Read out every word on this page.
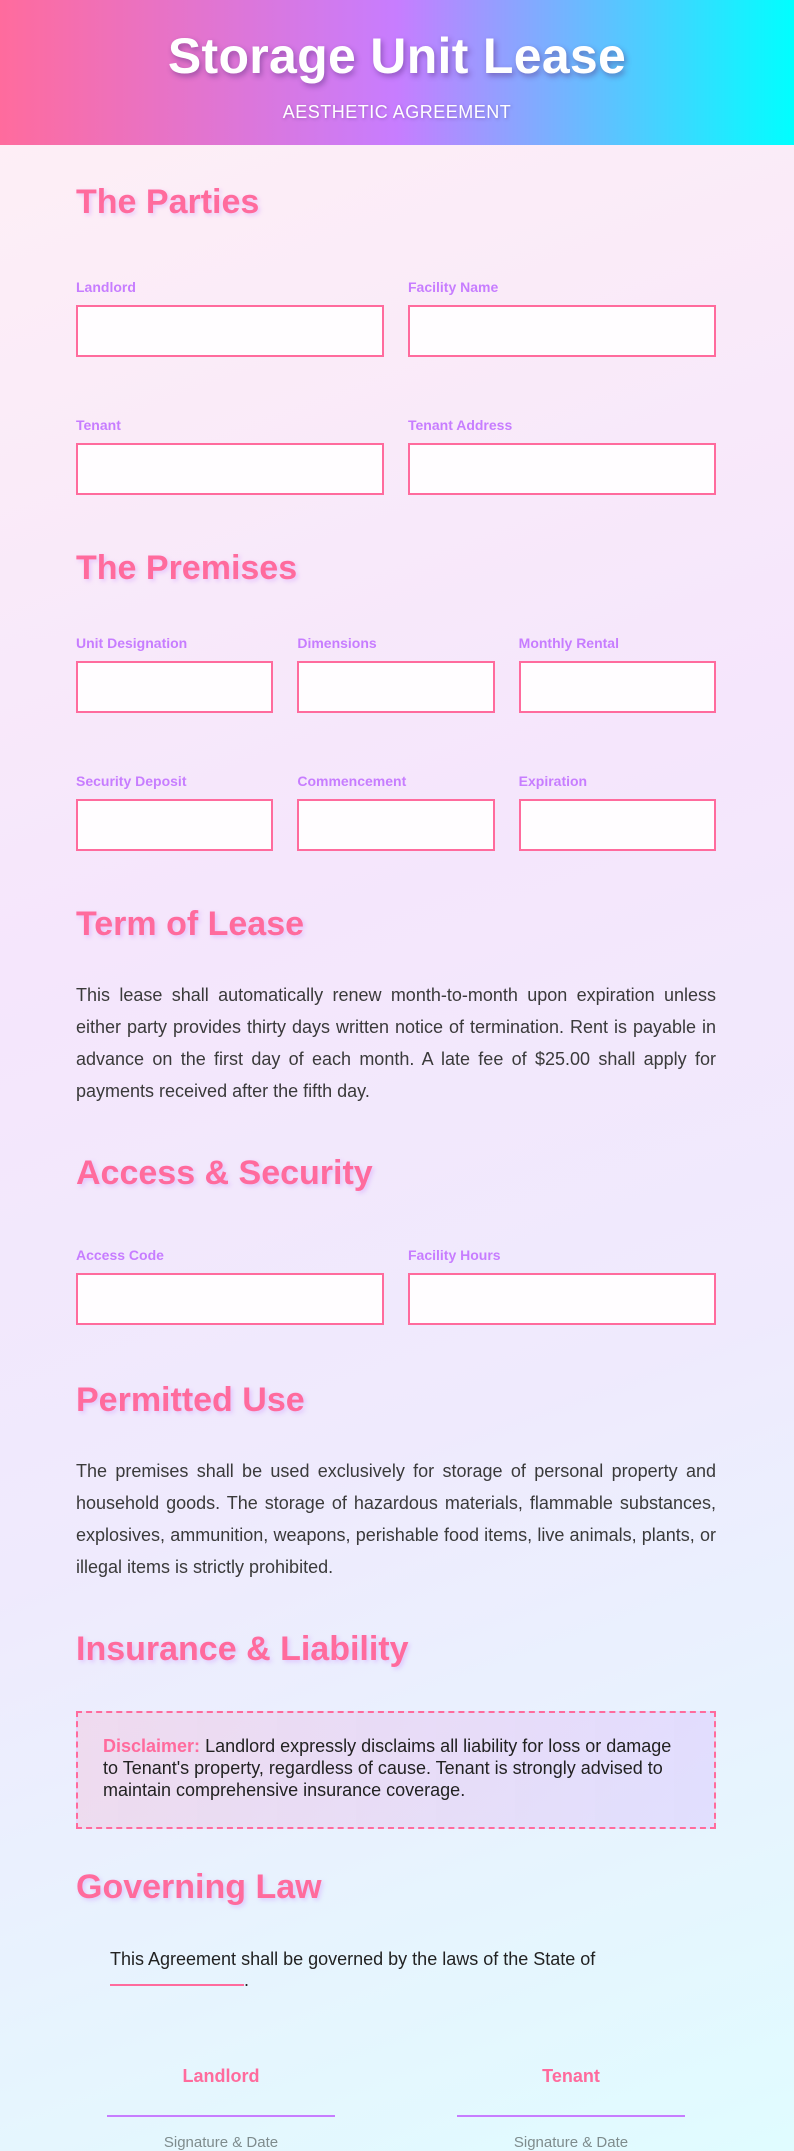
Storage Unit Lease
AESTHETIC AGREEMENT
The Parties
Landlord	Facility Name
Tenant	Tenant Address
The Premises
Unit Designation	Dimensions	Monthly Rental
Security Deposit	Commencement	Expiration
Term of Lease

This lease shall automatically renew month-to-month upon expiration unless either party provides thirty days written notice of termination. Rent is payable in advance on the first day of each month. A late fee of $25.00 shall apply for payments received after the fifth day.

Access & Security
Access Code	Facility Hours
Permitted Use

The premises shall be used exclusively for storage of personal property and household goods. The storage of hazardous materials, flammable substances, explosives, ammunition, weapons, perishable food items, live animals, plants, or illegal items is strictly prohibited.

Insurance & Liability
Disclaimer: Landlord expressly disclaims all liability for loss or damage to Tenant's property, regardless of cause. Tenant is strongly advised to maintain comprehensive insurance coverage.
Governing Law

This Agreement shall be governed by the laws of the State of .

Landlord
Signature & Date
Tenant
Signature & Date
